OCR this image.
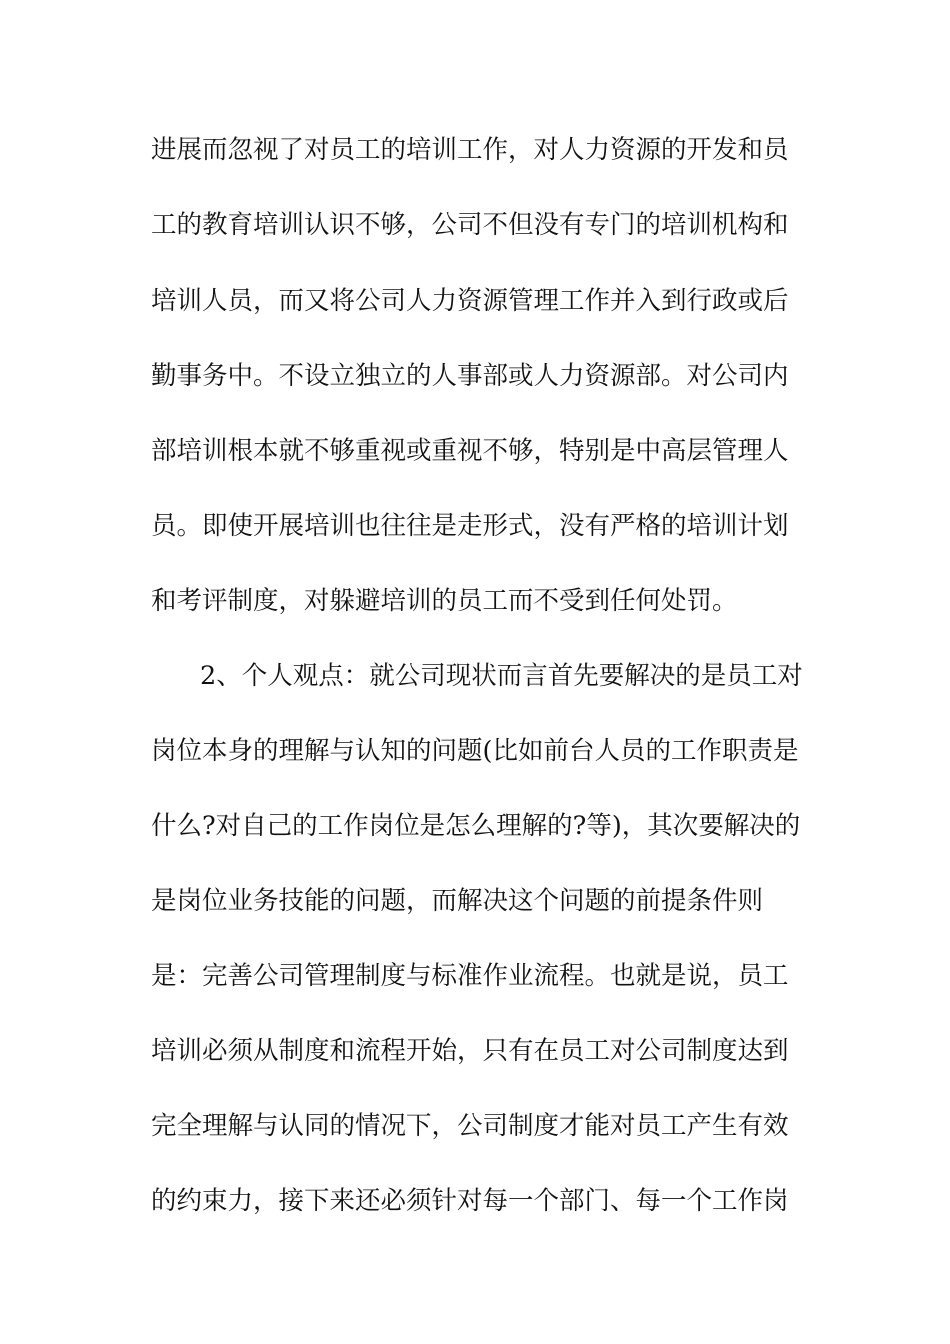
进展而忽视了对员工的培训工作，对人力资源的开发和员
工的教育培训认识不够，公司不但没有专门的培训机构和
培训人员，而又将公司人力资源管理工作并入到行政或后
勤事务中。不设立独立的人事部或人力资源部。对公司内
部培训根本就不够重视或重视不够，特别是中高层管理人
员。即使开展培训也往往是走形式，没有严格的培训计划
和考评制度，对躲避培训的员工而不受到任何处罚。
2、个人观点：就公司现状而言首先要解决的是员工对
岗位本身的理解与认知的问题(比如前台人员的工作职责是
什么?对自己的工作岗位是怎么理解的?等)，其次要解决的
是岗位业务技能的问题，而解决这个问题的前提条件则
是：完善公司管理制度与标准作业流程。也就是说，员工
培训必须从制度和流程开始，只有在员工对公司制度达到
完全理解与认同的情况下，公司制度才能对员工产生有效
的约束力，接下来还必须针对每一个部门、每一个工作岗
